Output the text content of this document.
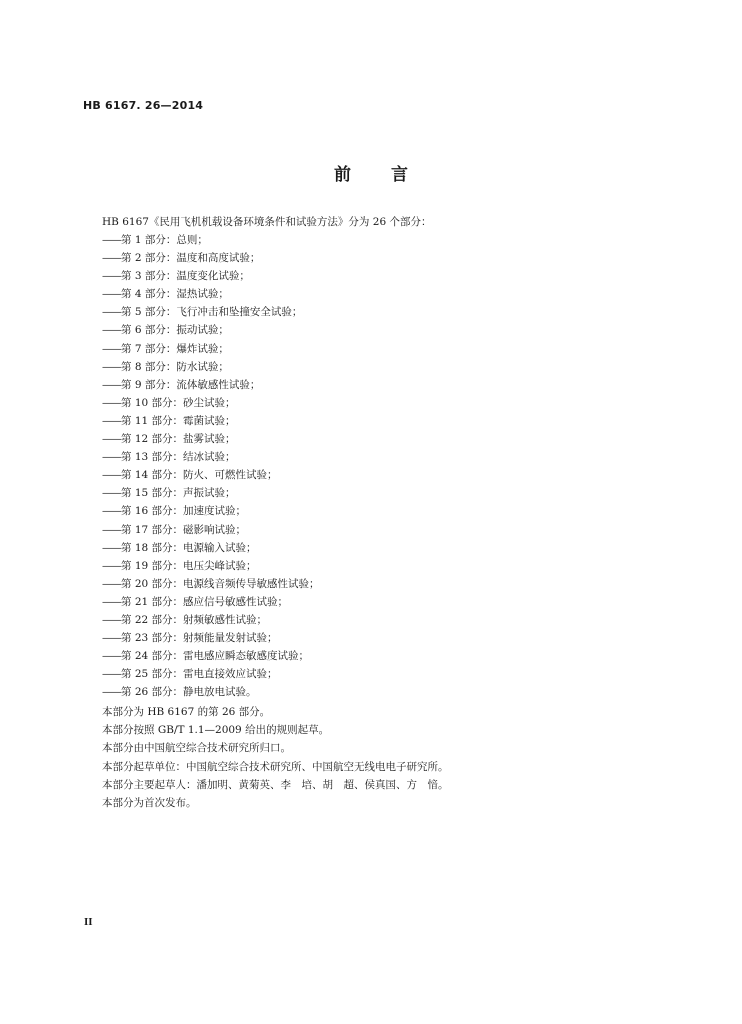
HB 6167. 26—2014
前 言
HB 6167《民用飞机机载设备环境条件和试验方法》分为 26 个部分：
——第 1 部分：总则；
——第 2 部分：温度和高度试验；
——第 3 部分：温度变化试验；
——第 4 部分：湿热试验；
——第 5 部分：飞行冲击和坠撞安全试验；
——第 6 部分：振动试验；
——第 7 部分：爆炸试验；
——第 8 部分：防水试验；
——第 9 部分：流体敏感性试验；
——第 10 部分：砂尘试验；
——第 11 部分：霉菌试验；
——第 12 部分：盐雾试验；
——第 13 部分：结冰试验；
——第 14 部分：防火、可燃性试验；
——第 15 部分：声振试验；
——第 16 部分：加速度试验；
——第 17 部分：磁影响试验；
——第 18 部分：电源输入试验；
——第 19 部分：电压尖峰试验；
——第 20 部分：电源线音频传导敏感性试验；
——第 21 部分：感应信号敏感性试验；
——第 22 部分：射频敏感性试验；
——第 23 部分：射频能量发射试验；
——第 24 部分：雷电感应瞬态敏感度试验；
——第 25 部分：雷电直接效应试验；
——第 26 部分：静电放电试验。
本部分为 HB 6167 的第 26 部分。
本部分按照 GB/T 1.1—2009 给出的规则起草。
本部分由中国航空综合技术研究所归口。
本部分起草单位：中国航空综合技术研究所、中国航空无线电电子研究所。
本部分主要起草人：潘加明、黄菊英、李　培、胡　超、侯真国、方　愔。
本部分为首次发布。
II
